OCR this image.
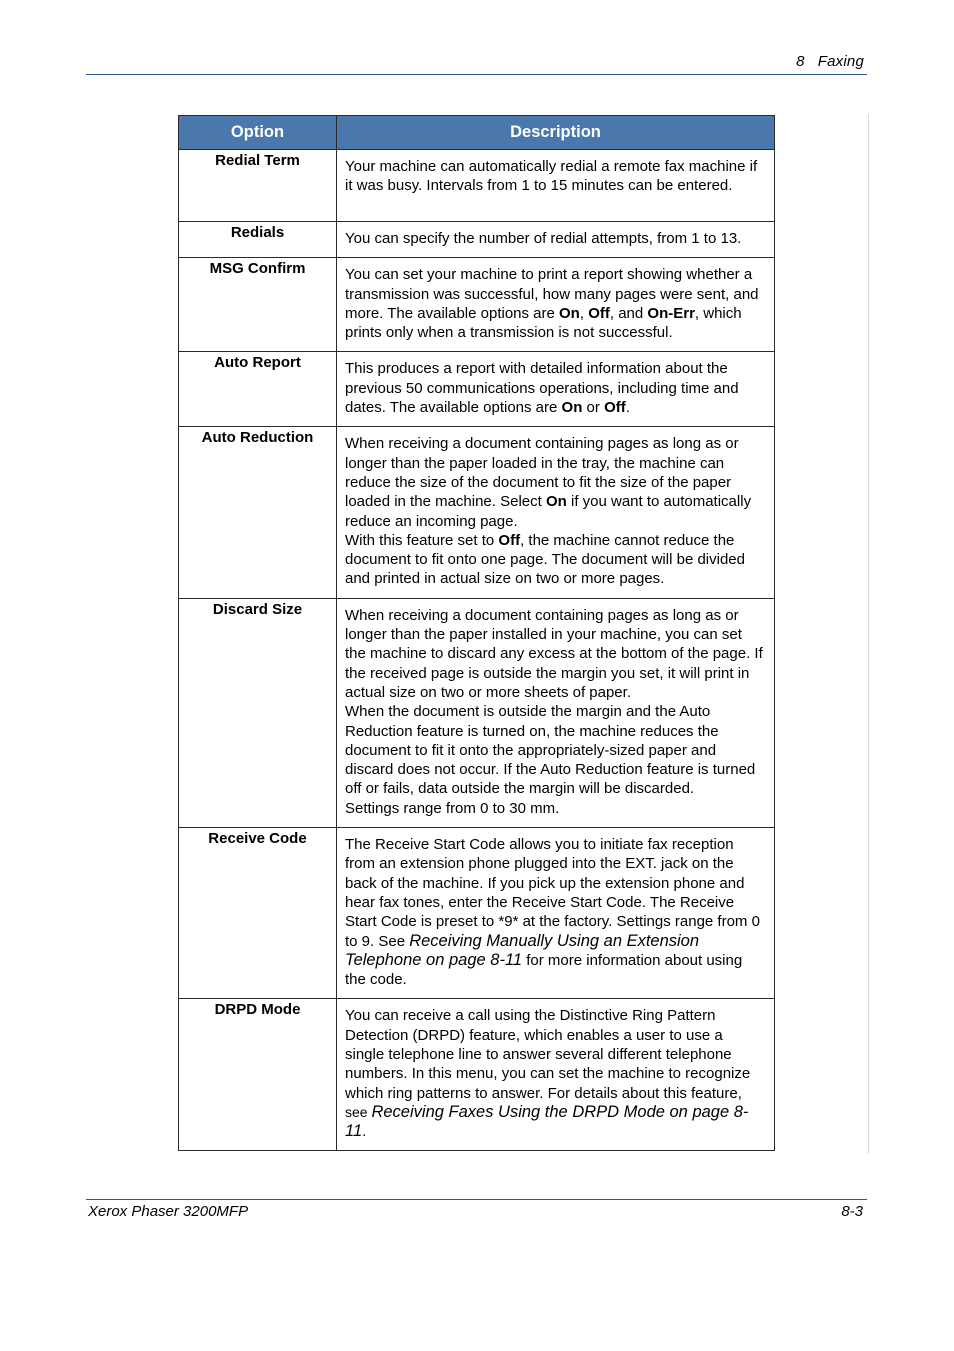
8 Faxing
Option	Description
Redial Term	Your machine can automatically redial a remote fax machine if it was busy. Intervals from 1 to 15 minutes can be entered.
Redials	You can specify the number of redial attempts, from 1 to 13.
MSG Confirm	You can set your machine to print a report showing whether a transmission was successful, how many pages were sent, and more. The available options are On, Off, and On-Err, which prints only when a transmission is not successful.
Auto Report	This produces a report with detailed information about the previous 50 communications operations, including time and dates. The available options are On or Off.
Auto Reduction	When receiving a document containing pages as long as or longer than the paper loaded in the tray, the machine can reduce the size of the document to fit the size of the paper loaded in the machine. Select On if you want to automatically reduce an incoming page.
With this feature set to Off, the machine cannot reduce the document to fit onto one page. The document will be divided and printed in actual size on two or more pages.
Discard Size	When receiving a document containing pages as long as or longer than the paper installed in your machine, you can set the machine to discard any excess at the bottom of the page. If the received page is outside the margin you set, it will print in actual size on two or more sheets of paper.
When the document is outside the margin and the Auto Reduction feature is turned on, the machine reduces the document to fit it onto the appropriately-sized paper and discard does not occur. If the Auto Reduction feature is turned off or fails, data outside the margin will be discarded.
Settings range from 0 to 30 mm.
Receive Code	The Receive Start Code allows you to initiate fax reception from an extension phone plugged into the EXT. jack on the back of the machine. If you pick up the extension phone and hear fax tones, enter the Receive Start Code. The Receive Start Code is preset to *9* at the factory. Settings range from 0 to 9. See Receiving Manually Using an Extension Telephone on page 8-11 for more information about using the code.
DRPD Mode	You can receive a call using the Distinctive Ring Pattern Detection (DRPD) feature, which enables a user to use a single telephone line to answer several different telephone numbers. In this menu, you can set the machine to recognize which ring patterns to answer. For details about this feature, see Receiving Faxes Using the DRPD Mode on page 8-11.
Xerox Phaser 3200MFP	8-3
